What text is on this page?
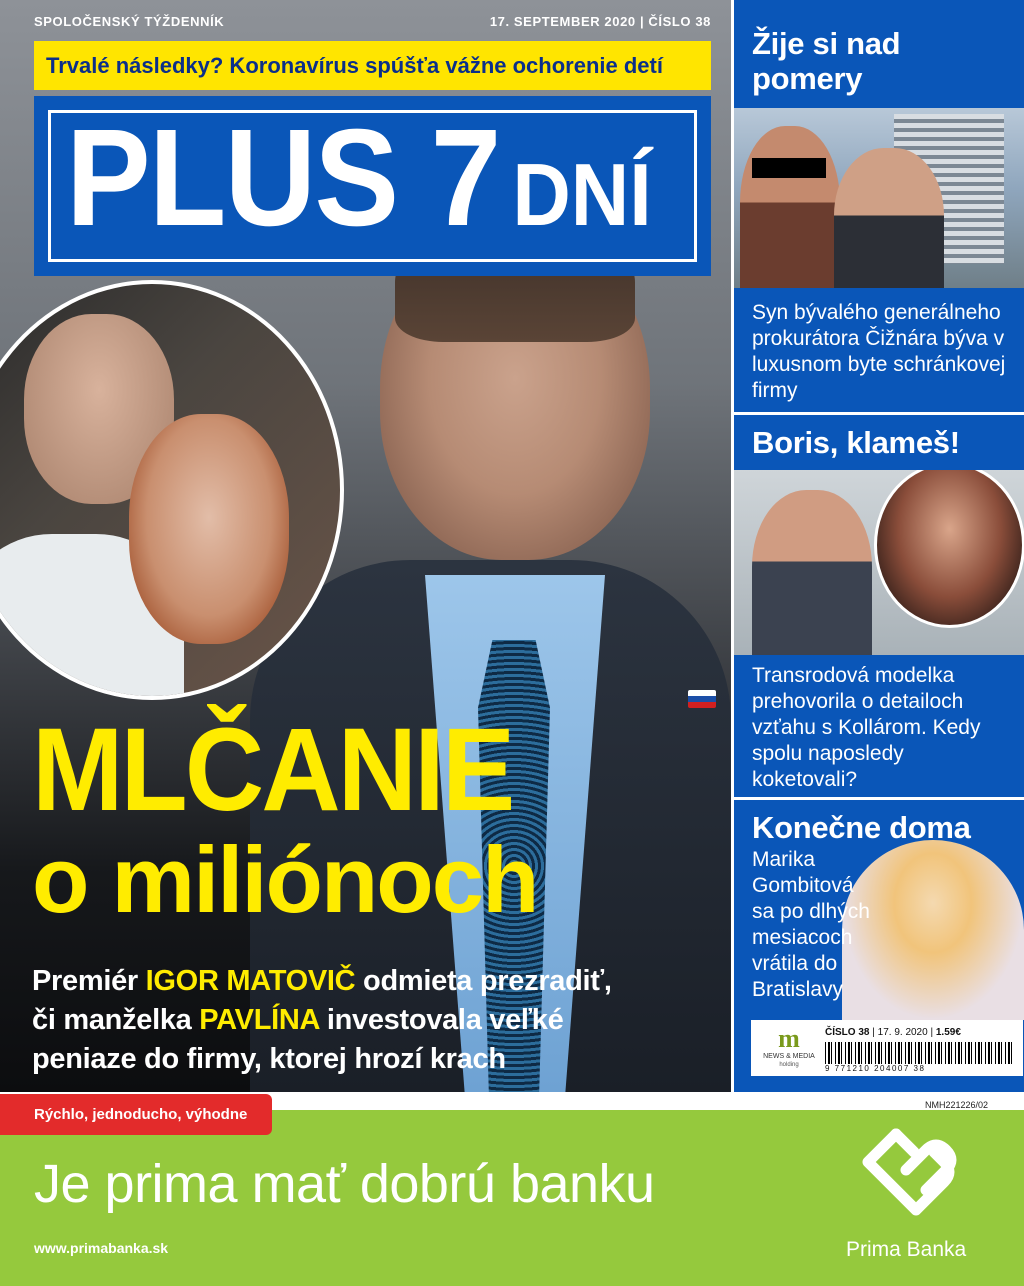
SPOLOČENSKÝ TÝŽDENNÍK	17. SEPTEMBER 2020 | ČÍSLO 38
Trvalé následky? Koronavírus spúšťa vážne ochorenie detí
PLUS 7 DNÍ
MLČANIE
o miliónoch
Premiér IGOR MATOVIČ odmieta prezradiť,
či manželka PAVLÍNA investovala veľké
peniaze do firmy, ktorej hrozí krach
Žije si nad pomery
Syn bývalého generálneho prokurátora Čižnára býva v luxusnom byte schránkovej firmy
Boris, klameš!
Transrodová modelka prehovorila o detailoch vzťahu s Kollárom. Kedy spolu naposledy koketovali?
Konečne doma
Marika Gombitová sa po dlhých mesiacoch vrátila do Bratislavy
m
NEWS & MEDIA
holding
ČÍSLO 38 | 17. 9. 2020 | 1.59€
9 771210 204007 38
NMH221226/02
Je prima mať dobrú banku
www.primabanka.sk	Prima Banka
Rýchlo, jednoducho, výhodne
